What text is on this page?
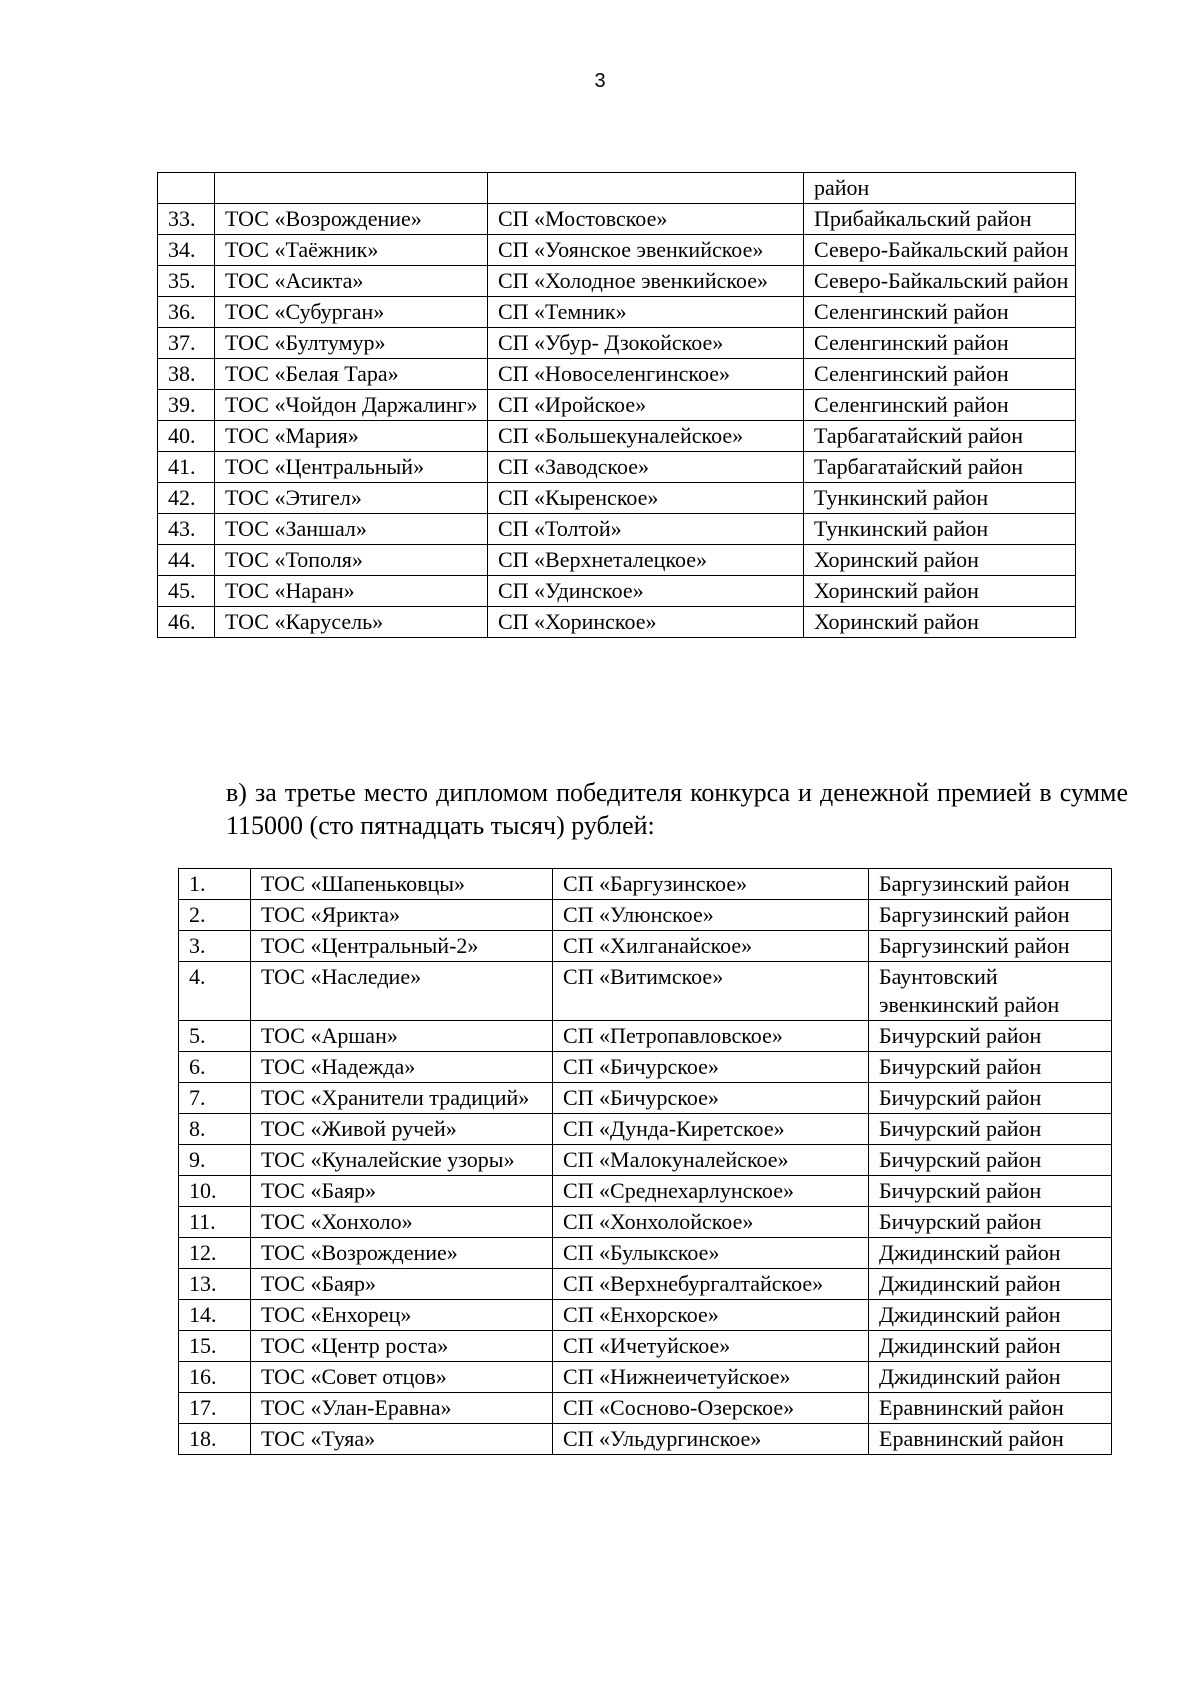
3
			район
33.	ТОС «Возрождение»	СП «Мостовское»	Прибайкальский район
34.	ТОС «Таёжник»	СП «Уоянское эвенкийское»	Северо-Байкальский район
35.	ТОС «Асикта»	СП «Холодное эвенкийское»	Северо-Байкальский район
36.	ТОС «Субурган»	СП «Темник»	Селенгинский район
37.	ТОС «Бултумур»	СП «Убур- Дзокойское»	Селенгинский район
38.	ТОС «Белая Тара»	СП «Новоселенгинское»	Селенгинский район
39.	ТОС «Чойдон Даржалинг»	СП «Иройское»	Селенгинский район
40.	ТОС «Мария»	СП «Большекуналейское»	Тарбагатайский район
41.	ТОС «Центральный»	СП «Заводское»	Тарбагатайский район
42.	ТОС «Этигел»	СП «Кыренское»	Тункинский район
43.	ТОС «Заншал»	СП «Толтой»	Тункинский район
44.	ТОС «Тополя»	СП «Верхнеталецкое»	Хоринский район
45.	ТОС «Наран»	СП «Удинское»	Хоринский район
46.	ТОС «Карусель»	СП «Хоринское»	Хоринский район
в) за третье место дипломом победителя конкурса и денежной премией в сумме 115000 (сто пятнадцать тысяч) рублей:
1.	ТОС «Шапеньковцы»	СП «Баргузинское»	Баргузинский район
2.	ТОС «Ярикта»	СП «Улюнское»	Баргузинский район
3.	ТОС «Центральный-2»	СП «Хилганайское»	Баргузинский район
4.	ТОС «Наследие»	СП «Витимское»	Баунтовский эвенкинский район
5.	ТОС «Аршан»	СП «Петропавловское»	Бичурский район
6.	ТОС «Надежда»	СП «Бичурское»	Бичурский район
7.	ТОС «Хранители традиций»	СП «Бичурское»	Бичурский район
8.	ТОС «Живой ручей»	СП «Дунда-Киретское»	Бичурский район
9.	ТОС «Куналейские узоры»	СП «Малокуналейское»	Бичурский район
10.	ТОС «Баяр»	СП «Среднехарлунское»	Бичурский район
11.	ТОС «Хонхоло»	СП «Хонхолойское»	Бичурский район
12.	ТОС «Возрождение»	СП «Булыкское»	Джидинский район
13.	ТОС «Баяр»	СП «Верхнебургалтайское»	Джидинский район
14.	ТОС «Енхорец»	СП «Енхорское»	Джидинский район
15.	ТОС «Центр роста»	СП «Ичетуйское»	Джидинский район
16.	ТОС «Совет отцов»	СП «Нижнеичетуйское»	Джидинский район
17.	ТОС «Улан-Еравна»	СП «Сосново-Озерское»	Еравнинский район
18.	ТОС «Туяа»	СП «Ульдургинское»	Еравнинский район
